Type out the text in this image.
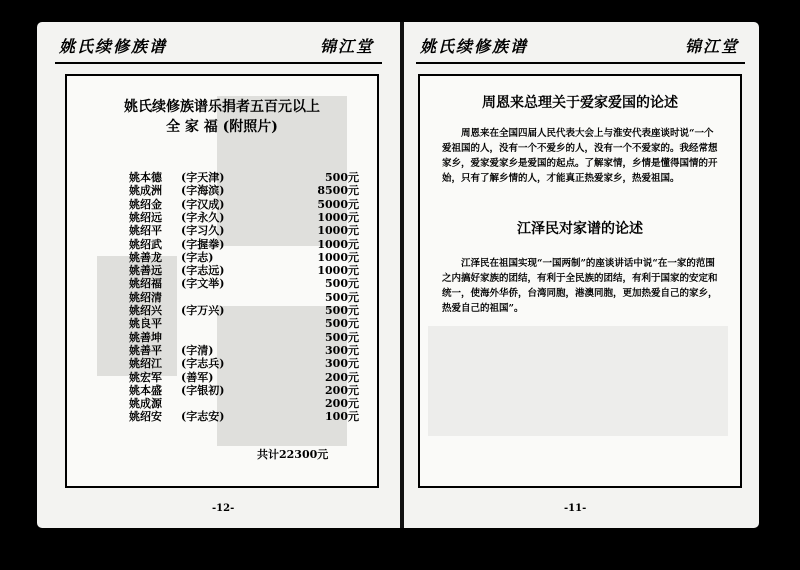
姚氏续修族谱	锦江堂
姚氏续修族谱乐捐者五百元以上
全 家 福 (附照片)
姚本德 (字天津)	500元
姚成洲 (字海滨)	8500元
姚绍金 (字汉成)	5000元
姚绍远 (字永久)	1000元
姚绍平 (字习久)	1000元
姚绍武 (字握拳)	1000元
姚善龙 (字志)	1000元
姚善远 (字志远)	1000元
姚绍福 (字文举)	500元
姚绍清	500元
姚绍兴 (字万兴)	500元
姚良平	500元
姚善坤	500元
姚善平 (字清)	300元
姚绍江 (字志兵)	300元
姚宏军 (善军)	200元
姚本盛 (字银初)	200元
姚成源	200元
姚绍安 (字志安)	100元
共计22300元
-12-
姚氏续修族谱	锦江堂
周恩来总理关于爱家爱国的论述
周恩来在全国四届人民代表大会上与淮安代表座谈时说“一个爱祖国的人，没有一个不爱乡的人，没有一个不爱家的。我经常想家乡，爱家爱家乡是爱国的起点。了解家情，乡情是懂得国情的开始，只有了解乡情的人，才能真正热爱家乡，热爱祖国。
江泽民对家谱的论述
江泽民在祖国实现“一国两制”的座谈讲话中说“在一家的范围之内搞好家族的团结，有利于全民族的团结，有利于国家的安定和统一，使海外华侨，台湾同胞，港澳同胞，更加热爱自己的家乡，热爱自己的祖国”。
-11-
